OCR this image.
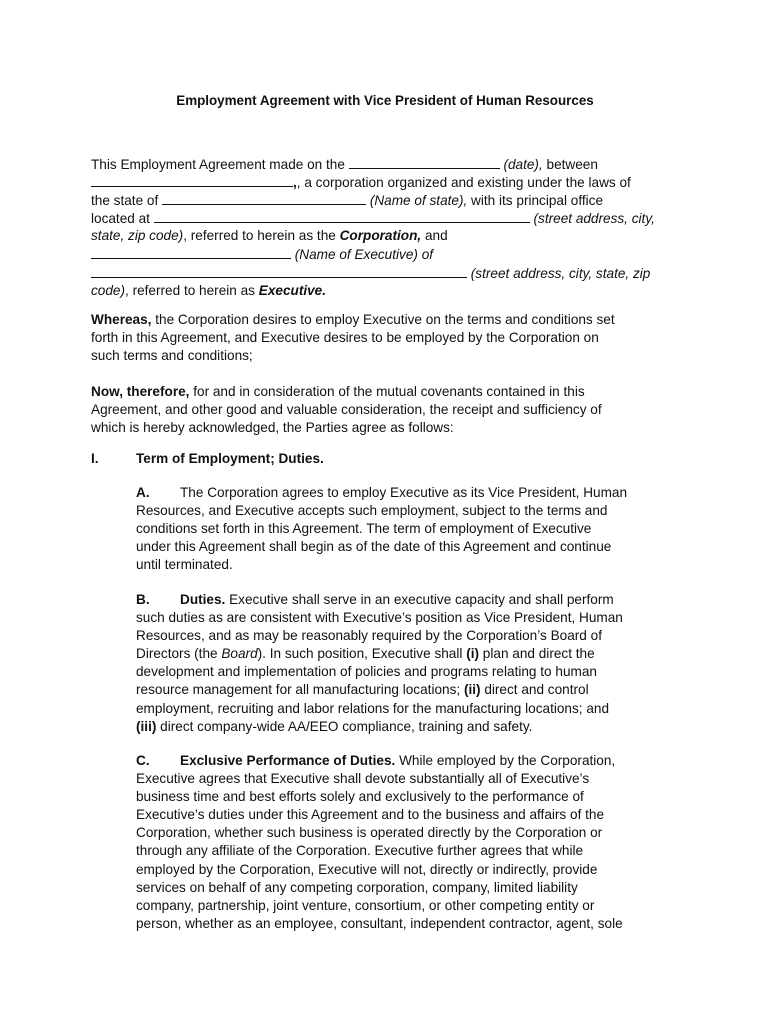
Employment Agreement with Vice President of Human Resources
This Employment Agreement made on the	(date), between
,, a corporation organized and existing under the laws of
the state of	(Name of state), with its principal office
located at	(street address, city,
state, zip code), referred to herein as the Corporation, and
(Name of Executive) of
(street address, city, state, zip
code), referred to herein as Executive.
Whereas, the Corporation desires to employ Executive on the terms and conditions set
forth in this Agreement, and Executive desires to be employed by the Corporation on
such terms and conditions;
Now, therefore, for and in consideration of the mutual covenants contained in this
Agreement, and other good and valuable consideration, the receipt and sufficiency of
which is hereby acknowledged, the Parties agree as follows:
I.	Term of Employment; Duties.
A. The Corporation agrees to employ Executive as its Vice President, Human
Resources, and Executive accepts such employment, subject to the terms and
conditions set forth in this Agreement. The term of employment of Executive
under this Agreement shall begin as of the date of this Agreement and continue
until terminated.
B. Duties. Executive shall serve in an executive capacity and shall perform
such duties as are consistent with Executive’s position as Vice President, Human
Resources, and as may be reasonably required by the Corporation’s Board of
Directors (the Board). In such position, Executive shall (i) plan and direct the
development and implementation of policies and programs relating to human
resource management for all manufacturing locations; (ii) direct and control
employment, recruiting and labor relations for the manufacturing locations; and
(iii) direct company-wide AA/EEO compliance, training and safety.
C. Exclusive Performance of Duties. While employed by the Corporation,
Executive agrees that Executive shall devote substantially all of Executive’s
business time and best efforts solely and exclusively to the performance of
Executive’s duties under this Agreement and to the business and affairs of the
Corporation, whether such business is operated directly by the Corporation or
through any affiliate of the Corporation. Executive further agrees that while
employed by the Corporation, Executive will not, directly or indirectly, provide
services on behalf of any competing corporation, company, limited liability
company, partnership, joint venture, consortium, or other competing entity or
person, whether as an employee, consultant, independent contractor, agent, sole
